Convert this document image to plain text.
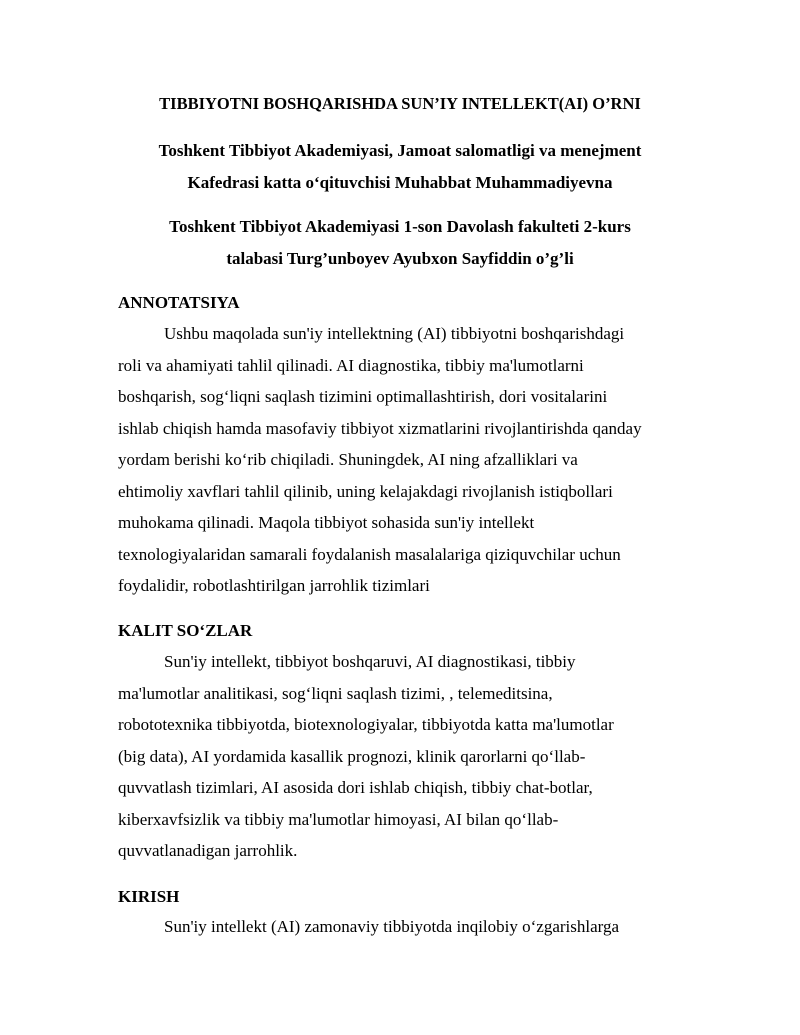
TIBBIYOTNI BOSHQARISHDA SUN’IY INTELLEKT(AI) O’RNI
Toshkent Tibbiyot Akademiyasi, Jamoat salomatligi va menejment
Kafedrasi katta o‘qituvchisi Muhabbat Muhammadiyevna
Toshkent Tibbiyot Akademiyasi 1-son Davolash fakulteti 2-kurs
talabasi Turg’unboyev Ayubxon Sayfiddin o’g’li
ANNOTATSIYA
Ushbu maqolada sun'iy intellektning (AI) tibbiyotni boshqarishdagi
roli va ahamiyati tahlil qilinadi. AI diagnostika, tibbiy ma'lumotlarni
boshqarish, sog‘liqni saqlash tizimini optimallashtirish, dori vositalarini
ishlab chiqish hamda masofaviy tibbiyot xizmatlarini rivojlantirishda qanday
yordam berishi ko‘rib chiqiladi. Shuningdek, AI ning afzalliklari va
ehtimoliy xavflari tahlil qilinib, uning kelajakdagi rivojlanish istiqbollari
muhokama qilinadi. Maqola tibbiyot sohasida sun'iy intellekt
texnologiyalaridan samarali foydalanish masalalariga qiziquvchilar uchun
foydalidir, robotlashtirilgan jarrohlik tizimlari
KALIT SO‘ZLAR
Sun'iy intellekt, tibbiyot boshqaruvi, AI diagnostikasi, tibbiy
ma'lumotlar analitikasi, sog‘liqni saqlash tizimi, , telemeditsina,
robototexnika tibbiyotda, biotexnologiyalar, tibbiyotda katta ma'lumotlar
(big data), AI yordamida kasallik prognozi, klinik qarorlarni qo‘llab-
quvvatlash tizimlari, AI asosida dori ishlab chiqish, tibbiy chat-botlar,
kiberxavfsizlik va tibbiy ma'lumotlar himoyasi, AI bilan qo‘llab-
quvvatlanadigan jarrohlik.
KIRISH
Sun'iy intellekt (AI) zamonaviy tibbiyotda inqilobiy o‘zgarishlarga
